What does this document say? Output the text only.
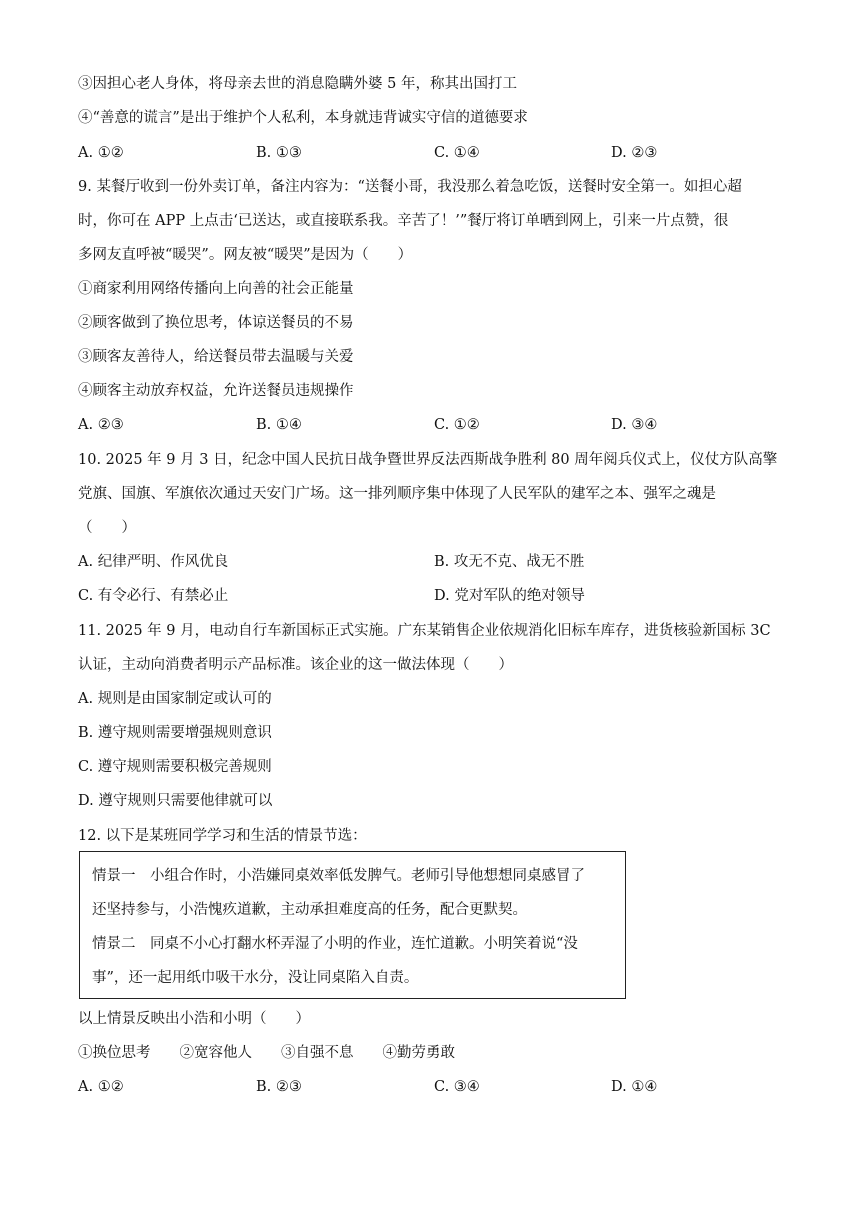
③因担心老人身体，将母亲去世的消息隐瞒外婆 5 年，称其出国打工
④“善意的谎言”是出于维护个人私利，本身就违背诚实守信的道德要求
A. ①②	B. ①③	C. ①④	D. ②③
9. 某餐厅收到一份外卖订单，备注内容为：“送餐小哥，我没那么着急吃饭，送餐时安全第一。如担心超
时，你可在 APP 上点击‘已送达，或直接联系我。辛苦了！’”餐厅将订单晒到网上，引来一片点赞，很
多网友直呼被“暖哭”。网友被“暖哭”是因为（　　）
①商家利用网络传播向上向善的社会正能量
②顾客做到了换位思考，体谅送餐员的不易
③顾客友善待人，给送餐员带去温暖与关爱
④顾客主动放弃权益，允许送餐员违规操作
A. ②③	B. ①④	C. ①②	D. ③④
10. 2025 年 9 月 3 日，纪念中国人民抗日战争暨世界反法西斯战争胜利 80 周年阅兵仪式上，仪仗方队高擎
党旗、国旗、军旗依次通过天安门广场。这一排列顺序集中体现了人民军队的建军之本、强军之魂是
（　　）
A. 纪律严明、作风优良	B. 攻无不克、战无不胜
C. 有令必行、有禁必止	D. 党对军队的绝对领导
11. 2025 年 9 月，电动自行车新国标正式实施。广东某销售企业依规消化旧标车库存，进货核验新国标 3C
认证，主动向消费者明示产品标准。该企业的这一做法体现（　　）
A. 规则是由国家制定或认可的
B. 遵守规则需要增强规则意识
C. 遵守规则需要积极完善规则
D. 遵守规则只需要他律就可以
12. 以下是某班同学学习和生活的情景节选：
情景一　小组合作时，小浩嫌同桌效率低发脾气。老师引导他想想同桌感冒了
还坚持参与，小浩愧疚道歉，主动承担难度高的任务，配合更默契。
情景二　同桌不小心打翻水杯弄湿了小明的作业，连忙道歉。小明笑着说“没
事”，还一起用纸巾吸干水分，没让同桌陷入自责。
以上情景反映出小浩和小明（　　）
①换位思考　　②宽容他人　　③自强不息　　④勤劳勇敢
A. ①②	B. ②③	C. ③④	D. ①④
